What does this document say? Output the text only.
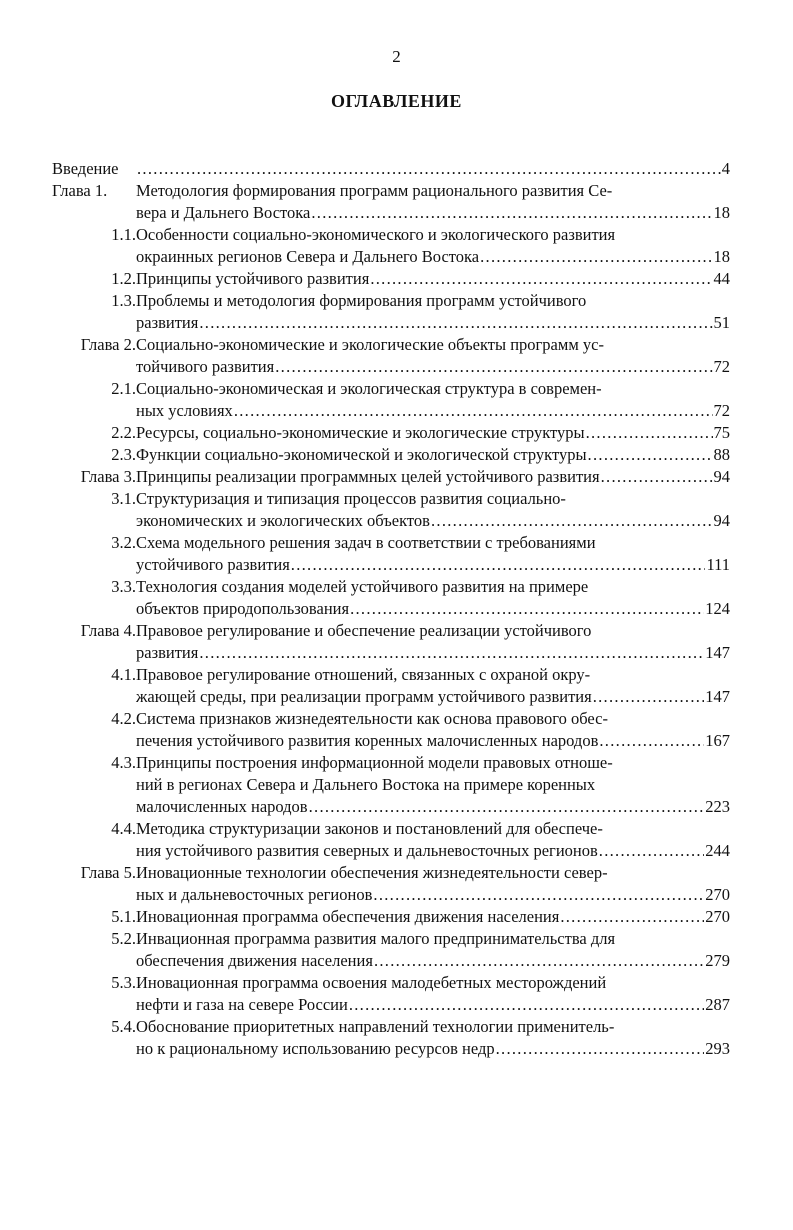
2
ОГЛАВЛЕНИЕ
Введение .....	4
Глава 1.	Методология формирования программ рационального развития Се-
вера и Дальнего Востока .....	18
1.1. Особенности социально-экономического и экологического развития
окраинных регионов Севера и Дальнего Востока .....	18
1.2. Принципы устойчивого развития .....	44
1.3. Проблемы и методология формирования программ устойчивого
развития .....	51
Глава 2. Социально-экономические и экологические объекты программ ус-
тойчивого развития .....	72
2.1. Социально-экономическая и экологическая структура в современ-
ных условиях .....	72
2.2. Ресурсы, социально-экономические и экологические структуры .....	75
2.3. Функции социально-экономической и экологической структуры .....	88
Глава 3. Принципы реализации программных целей устойчивого развития .....	94
3.1. Структуризация и типизация процессов развития социально-
экономических и экологических объектов .....	94
3.2. Схема модельного решения задач в соответствии с требованиями
устойчивого развития .....	111
3.3. Технология создания моделей устойчивого развития на примере
объектов природопользования .....	124
Глава 4. Правовое регулирование и обеспечение реализации устойчивого
развития .....	147
4.1. Правовое регулирование отношений, связанных с охраной окру-
жающей среды, при реализации программ устойчивого развития .....	147
4.2. Система признаков жизнедеятельности как основа правового обес-
печения устойчивого развития коренных малочисленных народов .....	167
4.3. Принципы построения информационной модели правовых отноше-
ний в регионах Севера и Дальнего Востока на примере коренных
малочисленных народов .....	223
4.4. Методика структуризации законов и постановлений для обеспече-
ния устойчивого развития северных и дальневосточных регионов .....	244
Глава 5. Иновационные технологии обеспечения жизнедеятельности север-
ных и дальневосточных регионов .....	270
5.1. Иновационная программа обеспечения движения населения .....	270
5.2. Инвационная программа развития малого предпринимательства для
обеспечения движения населения .....	279
5.3. Иновационная программа освоения малодебетных месторождений
нефти и газа на севере России .....	287
5.4. Обоснование приоритетных направлений технологии применитель-
но к рациональному использованию ресурсов недр .....	293
